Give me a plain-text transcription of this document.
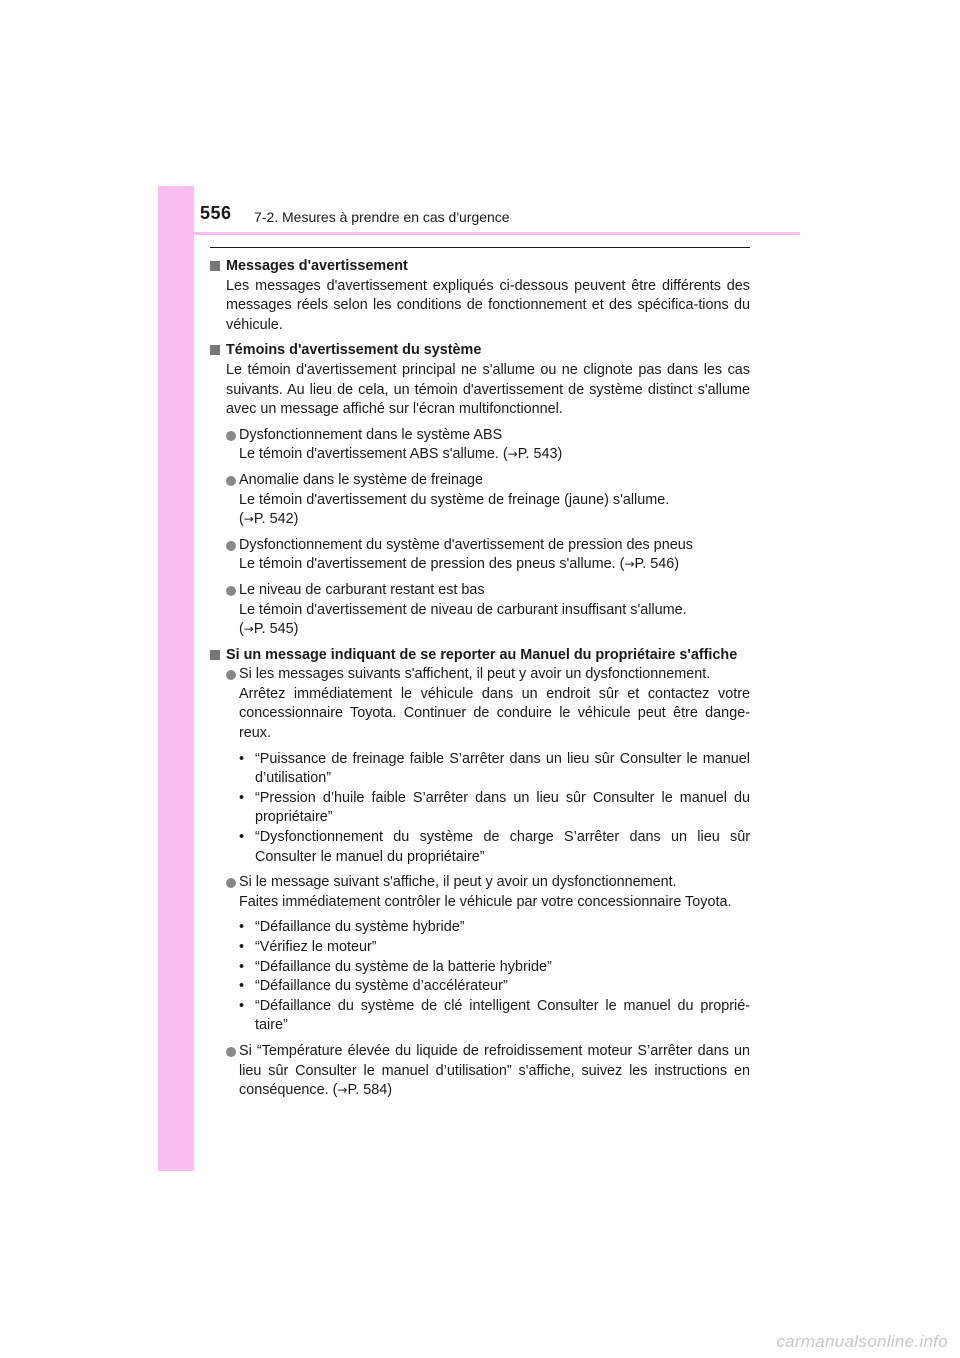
556 7-2. Mesures à prendre en cas d'urgence
Messages d'avertissement
Les messages d'avertissement expliqués ci-dessous peuvent être différents des messages réels selon les conditions de fonctionnement et des spécifica-tions du véhicule.
Témoins d'avertissement du système
Le témoin d'avertissement principal ne s'allume ou ne clignote pas dans les cas suivants. Au lieu de cela, un témoin d'avertissement de système distinct s'allume avec un message affiché sur l'écran multifonctionnel.
Dysfonctionnement dans le système ABS
Le témoin d'avertissement ABS s'allume. (→P. 543)
Anomalie dans le système de freinage
Le témoin d'avertissement du système de freinage (jaune) s'allume.
(→P. 542)
Dysfonctionnement du système d'avertissement de pression des pneus
Le témoin d'avertissement de pression des pneus s'allume. (→P. 546)
Le niveau de carburant restant est bas
Le témoin d'avertissement de niveau de carburant insuffisant s'allume.
(→P. 545)
Si un message indiquant de se reporter au Manuel du propriétaire s'affiche
Si les messages suivants s'affichent, il peut y avoir un dysfonctionnement.
Arrêtez immédiatement le véhicule dans un endroit sûr et contactez votre concessionnaire Toyota. Continuer de conduire le véhicule peut être dange-reux.
• “Puissance de freinage faible S’arrêter dans un lieu sûr Consulter le manuel d’utilisation”
• “Pression d’huile faible S’arrêter dans un lieu sûr Consulter le manuel du propriétaire”
• “Dysfonctionnement du système de charge S’arrêter dans un lieu sûr Consulter le manuel du propriétaire”
Si le message suivant s'affiche, il peut y avoir un dysfonctionnement.
Faites immédiatement contrôler le véhicule par votre concessionnaire Toyota.
• “Défaillance du système hybride”
• “Vérifiez le moteur”
• “Défaillance du système de la batterie hybride”
• “Défaillance du système d’accélérateur”
• “Défaillance du système de clé intelligent Consulter le manuel du proprié-taire”
Si “Température élevée du liquide de refroidissement moteur S’arrêter dans un lieu sûr Consulter le manuel d’utilisation” s'affiche, suivez les instructions en conséquence. (→P. 584)
carmanualsonline.info
